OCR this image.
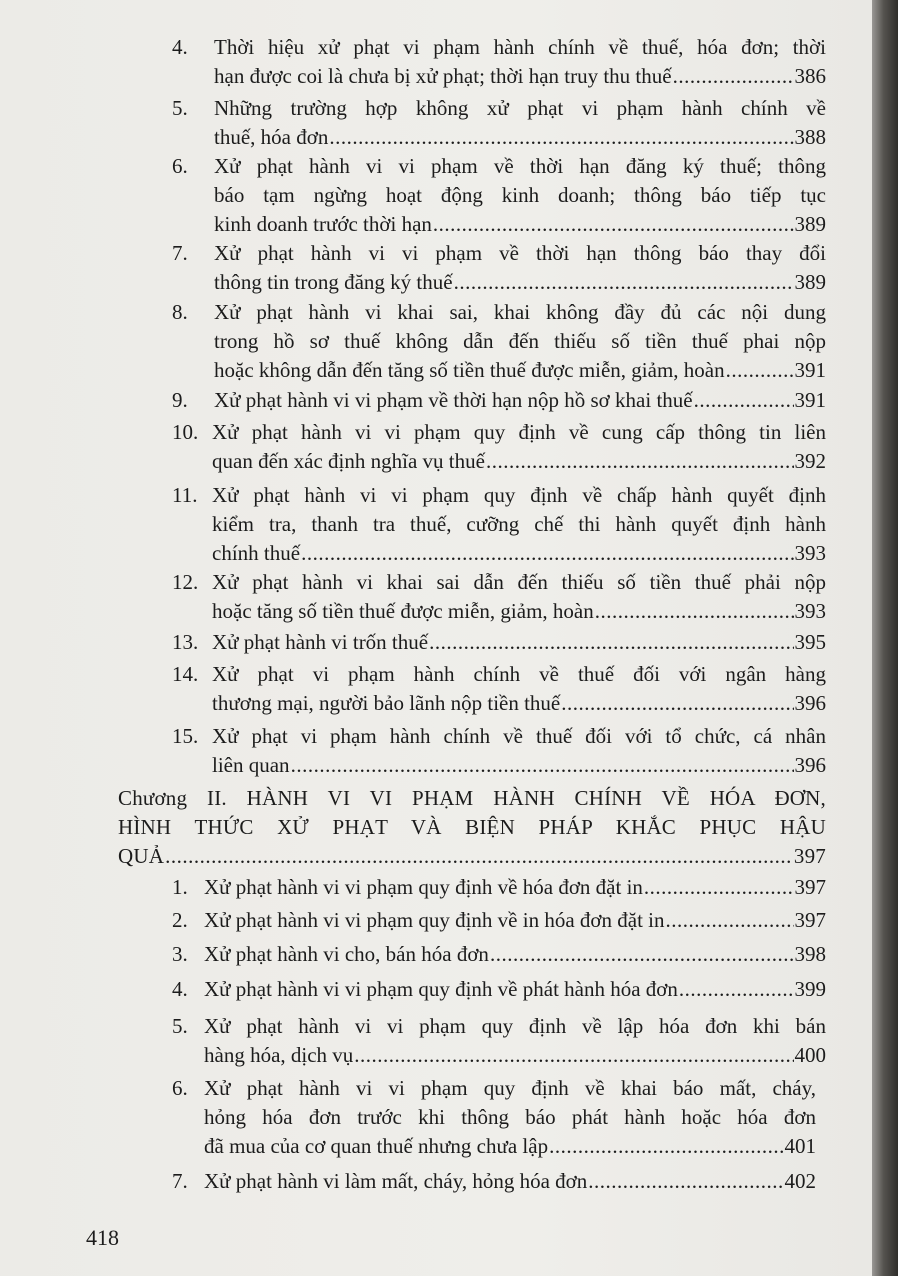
4. Thời hiệu xử phạt vi phạm hành chính về thuế, hóa đơn; thời
hạn được coi là chưa bị xử phạt; thời hạn truy thu thuế .....	386
5. Những trường hợp không xử phạt vi phạm hành chính về
thuế, hóa đơn .....	388
6. Xử phạt hành vi vi phạm về thời hạn đăng ký thuế; thông
báo tạm ngừng hoạt động kinh doanh; thông báo tiếp tục
kinh doanh trước thời hạn .....	389
7. Xử phạt hành vi vi phạm về thời hạn thông báo thay đổi
thông tin trong đăng ký thuế .....	389
8. Xử phạt hành vi khai sai, khai không đầy đủ các nội dung
trong hồ sơ thuế không dẫn đến thiếu số tiền thuế phai nộp
hoặc không dẫn đến tăng số tiền thuế được miễn, giảm, hoàn .....	391
9. Xử phạt hành vi vi phạm về thời hạn nộp hồ sơ khai thuế .....	391
10. Xử phạt hành vi vi phạm quy định về cung cấp thông tin liên
quan đến xác định nghĩa vụ thuế .....	392
11. Xử phạt hành vi vi phạm quy định về chấp hành quyết định
kiểm tra, thanh tra thuế, cưỡng chế thi hành quyết định hành
chính thuế .....	393
12. Xử phạt hành vi khai sai dẫn đến thiếu số tiền thuế phải nộp
hoặc tăng số tiền thuế được miễn, giảm, hoàn .....	393
13. Xử phạt hành vi trốn thuế .....	395
14. Xử phạt vi phạm hành chính về thuế đối với ngân hàng
thương mại, người bảo lãnh nộp tiền thuế .....	396
15. Xử phạt vi phạm hành chính về thuế đối với tổ chức, cá nhân
liên quan .....	396
Chương II. HÀNH VI VI PHẠM HÀNH CHÍNH VỀ HÓA ĐƠN,
HÌNH THỨC XỬ PHẠT VÀ BIỆN PHÁP KHẮC PHỤC HẬU
QUẢ .....	397
1. Xử phạt hành vi vi phạm quy định về hóa đơn đặt in .....	397
2. Xử phạt hành vi vi phạm quy định về in hóa đơn đặt in .....	397
3. Xử phạt hành vi cho, bán hóa đơn .....	398
4. Xử phạt hành vi vi phạm quy định về phát hành hóa đơn .....	399
5. Xử phạt hành vi vi phạm quy định về lập hóa đơn khi bán
hàng hóa, dịch vụ .....	400
6. Xử phạt hành vi vi phạm quy định về khai báo mất, cháy,
hỏng hóa đơn trước khi thông báo phát hành hoặc hóa đơn
đã mua của cơ quan thuế nhưng chưa lập .....	401
7. Xử phạt hành vi làm mất, cháy, hỏng hóa đơn .....	402
418
